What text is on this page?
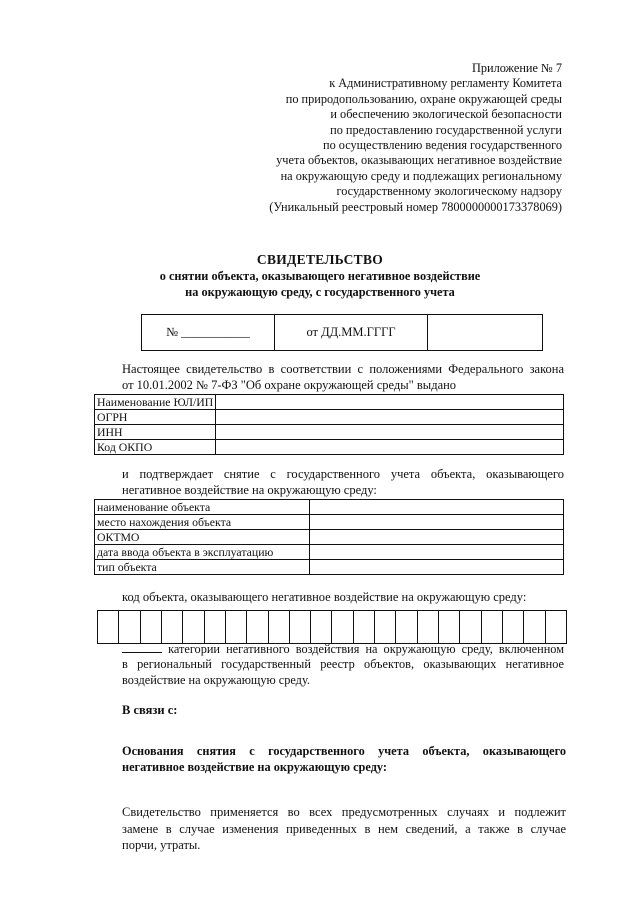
Приложение № 7
к Административному регламенту Комитета
по природопользованию, охране окружающей среды
и обеспечению экологической безопасности
по предоставлению государственной услуги
по осуществлению ведения государственного
учета объектов, оказывающих негативное воздействие
на окружающую среду и подлежащих региональному
государственному экологическому надзору
(Уникальный реестровый номер 7800000000173378069)
СВИДЕТЕЛЬСТВО
о снятии объекта, оказывающего негативное воздействие
на окружающую среду, с государственного учета
№ ___________	от ДД.ММ.ГГГГ	
Настоящее свидетельство в соответствии с положениями Федерального закона
от 10.01.2002 № 7-ФЗ "Об охране окружающей среды" выдано
Наименование ЮЛ/ИП	
ОГРН	
ИНН	
Код ОКПО	
и подтверждает снятие с государственного учета объекта, оказывающего
негативное воздействие на окружающую среду:
наименование объекта	
место нахождения объекта	
ОКТМО	
дата ввода объекта в эксплуатацию	
тип объекта	
код объекта, оказывающего негативное воздействие на окружающую среду:

категории негативного воздействия на окружающую среду, включенном
в региональный государственный реестр объектов, оказывающих негативное
воздействие на окружающую среду.
В связи с:
Основания снятия с государственного учета объекта, оказывающего
негативное воздействие на окружающую среду:
Свидетельство применяется во всех предусмотренных случаях и подлежит
замене в случае изменения приведенных в нем сведений, а также в случае
порчи, утраты.
